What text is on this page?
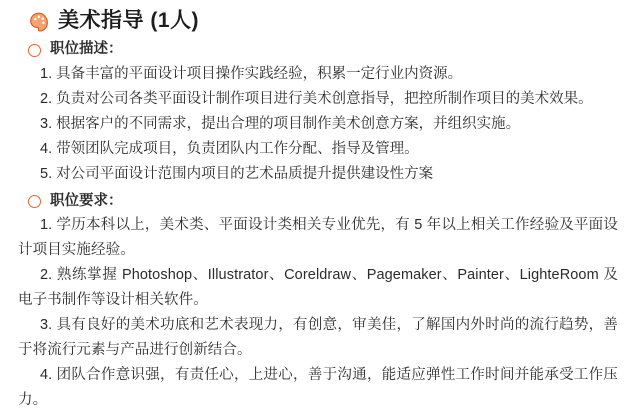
美术指导 (1人)
职位描述：

1. 具备丰富的平面设计项目操作实践经验，积累一定行业内资源。

2. 负责对公司各类平面设计制作项目进行美术创意指导，把控所制作项目的美术效果。

3. 根据客户的不同需求，提出合理的项目制作美术创意方案，并组织实施。

4. 带领团队完成项目，负责团队内工作分配、指导及管理。

5. 对公司平面设计范围内项目的艺术品质提升提供建设性方案

职位要求：

1. 学历本科以上，美术类、平面设计类相关专业优先，有 5 年以上相关工作经验及平面设计项目实施经验。

2. 熟练掌握 Photoshop、Illustrator、Coreldraw、Pagemaker、Painter、LighteRoom 及电子书制作等设计相关软件。

3. 具有良好的美术功底和艺术表现力，有创意，审美佳，了解国内外时尚的流行趋势，善于将流行元素与产品进行创新结合。

4. 团队合作意识强，有责任心，上进心，善于沟通，能适应弹性工作时间并能承受工作压力。
